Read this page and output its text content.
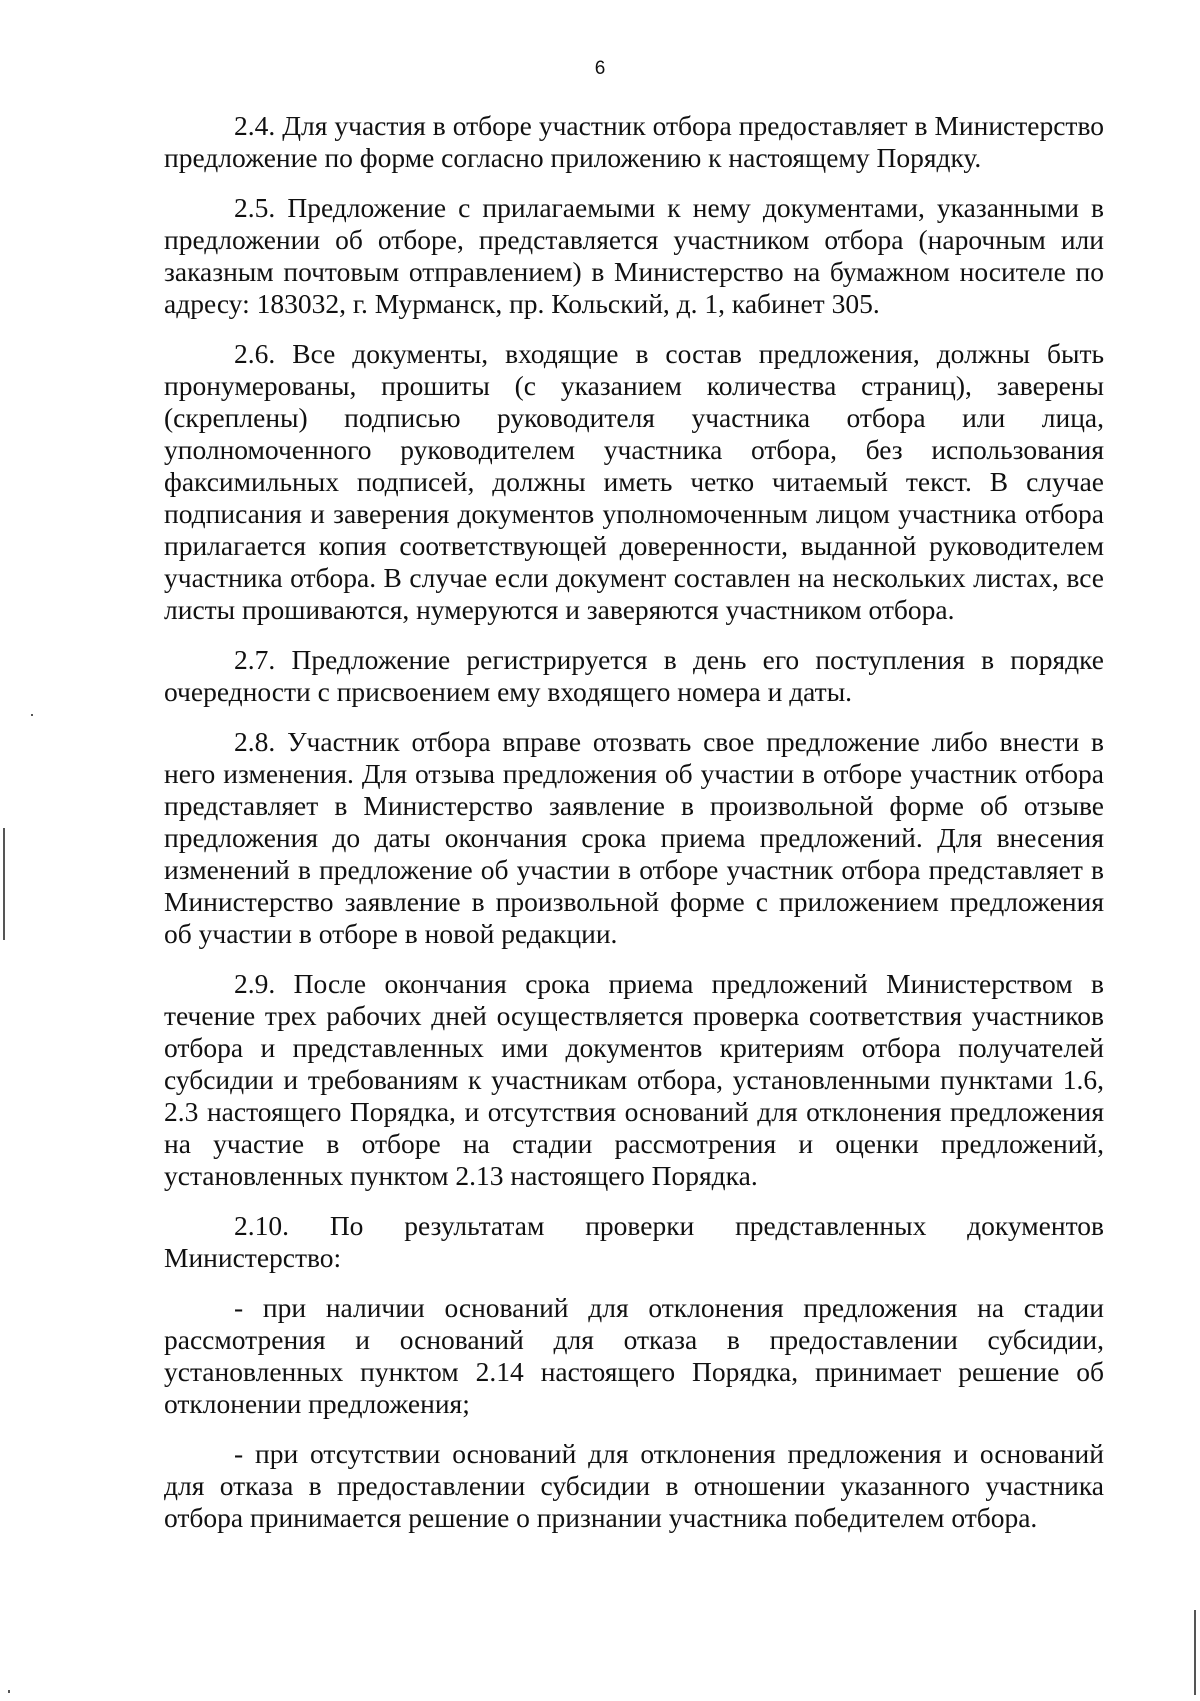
6

2.4. Для участия в отборе участник отбора предоставляет в Министерство предложение по форме согласно приложению к настоящему Порядку.

2.5. Предложение с прилагаемыми к нему документами, указанными в предложении об отборе, представляется участником отбора (нарочным или заказным почтовым отправлением) в Министерство на бумажном носителе по адресу: 183032, г. Мурманск, пр. Кольский, д. 1, кабинет 305.

2.6. Все документы, входящие в состав предложения, должны быть пронумерованы, прошиты (с указанием количества страниц), заверены (скреплены) подписью руководителя участника отбора или лица, уполномоченного руководителем участника отбора, без использования факсимильных подписей, должны иметь четко читаемый текст. В случае подписания и заверения документов уполномоченным лицом участника отбора прилагается копия соответствующей доверенности, выданной руководителем участника отбора. В случае если документ составлен на нескольких листах, все листы прошиваются, нумеруются и заверяются участником отбора.

2.7. Предложение регистрируется в день его поступления в порядке очередности с присвоением ему входящего номера и даты.

2.8. Участник отбора вправе отозвать свое предложение либо внести в него изменения. Для отзыва предложения об участии в отборе участник отбора представляет в Министерство заявление в произвольной форме об отзыве предложения до даты окончания срока приема предложений. Для внесения изменений в предложение об участии в отборе участник отбора представляет в Министерство заявление в произвольной форме с приложением предложения об участии в отборе в новой редакции.

2.9. После окончания срока приема предложений Министерством в течение трех рабочих дней осуществляется проверка соответствия участников отбора и представленных ими документов критериям отбора получателей субсидии и требованиям к участникам отбора, установленными пунктами 1.6, 2.3 настоящего Порядка, и отсутствия оснований для отклонения предложения на участие в отборе на стадии рассмотрения и оценки предложений, установленных пунктом 2.13 настоящего Порядка.

2.10. По результатам проверки представленных документов Министерство:

- при наличии оснований для отклонения предложения на стадии рассмотрения и оснований для отказа в предоставлении субсидии, установленных пунктом 2.14 настоящего Порядка, принимает решение об отклонении предложения;

- при отсутствии оснований для отклонения предложения и оснований для отказа в предоставлении субсидии в отношении указанного участника отбора принимается решение о признании участника победителем отбора.
